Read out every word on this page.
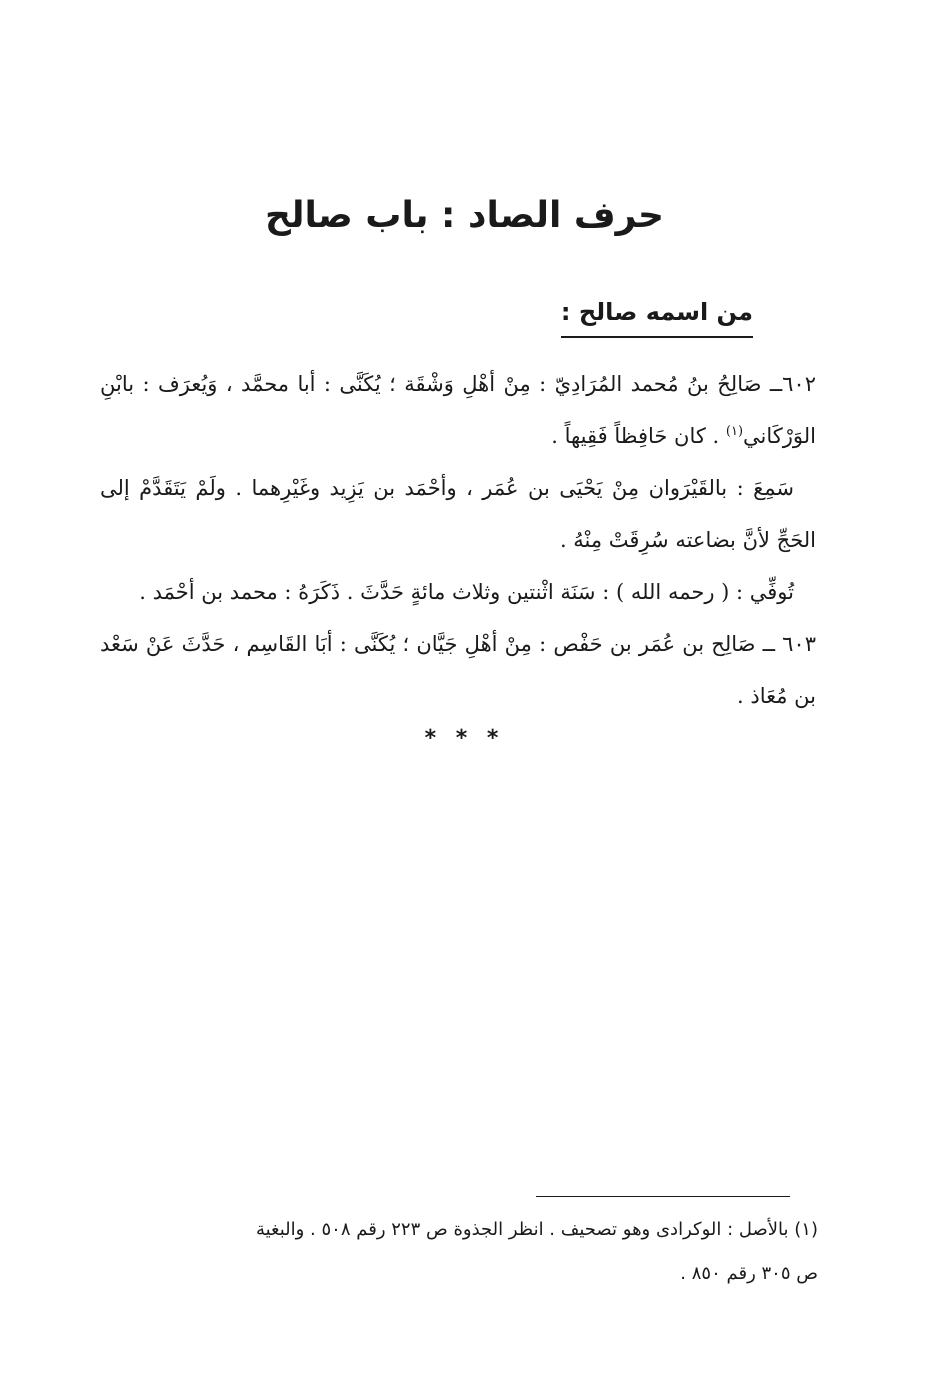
حرف الصاد : باب صالح
من اسمه صالح :

٦٠٢ــ صَالِحُ بنُ مُحمد المُرَادِيّ : مِنْ أهْلِ وَشْقَة ؛ يُكَنَّى : أبا محمَّد ، وَيُعرَف : بابْنِ الوَرْكَاني$^{(١)}$ . كان حَافِظاً فَقِيهاً .

سَمِعَ : بالقَيْرَوان مِنْ يَحْيَى بن عُمَر ، وأحْمَد بن يَزِيد وغَيْرِهما . ولَمْ يَتَقَدَّمْ إلى الحَجِّ لأنَّ بضاعته سُرِقَتْ مِنْهُ .

تُوفِّي : ( رحمه الله ) : سَنَة اثْنتين وثلاث مائةٍ حَدَّثَ . ذَكَرَهُ : محمد بن أحْمَد .

٦٠٣ ــ صَالِح بن عُمَر بن حَفْص : مِنْ أهْلِ جَيَّان ؛ يُكَنَّى : أبَا القَاسِم ، حَدَّثَ عَنْ سَعْد بن مُعَاذ .

* * *

(١) بالأصل : الوكرادى وهو تصحيف . انظر الجذوة ص ٢٢٣ رقم ٥٠٨ . والبغية

ص ٣٠٥ رقم ٨٥٠ .
